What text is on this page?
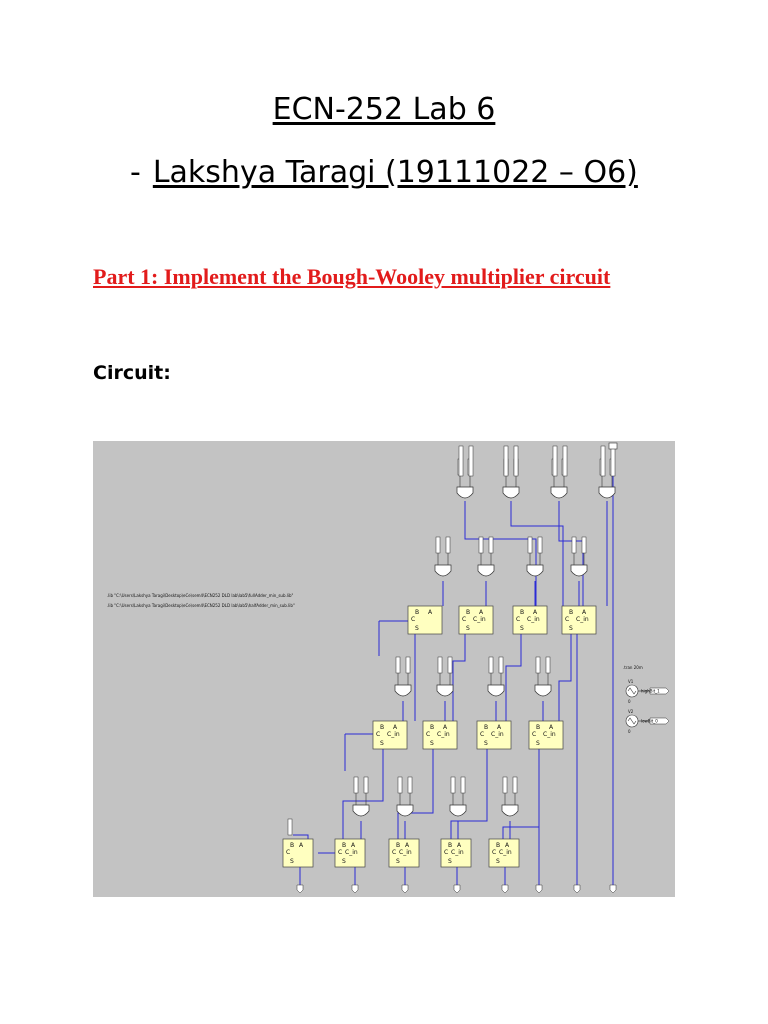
ECN-252 Lab 6
- Lakshya Taragi (19111022 – O6)

Part 1: Implement the Bough-Wooley multiplier circuit

Circuit:

B A
C
S
B A
C C_in
S
B A
C C_in
S
B A
C C_in
S
B A
C C_in
S
B A
C C_in
S
B A
C C_in
S
B A
C C_in
S
B A
C
S
B A
C C_in
S
B A
C C_in
S
B A
C C_in
S
B A
C C_in
S
.lib "C:\Users\Lakshya Taragi\Desktop\eCe\sem4\ECN252 DLD lab\lab5\fullAdder_min_sub.lib"
.lib "C:\Users\Lakshya Taragi\Desktop\eCe\sem4\ECN252 DLD lab\lab5\halfAdder_min_sub.lib"
.tran 20m
V1
0
highBit_1
V2
0
lowBit_0
